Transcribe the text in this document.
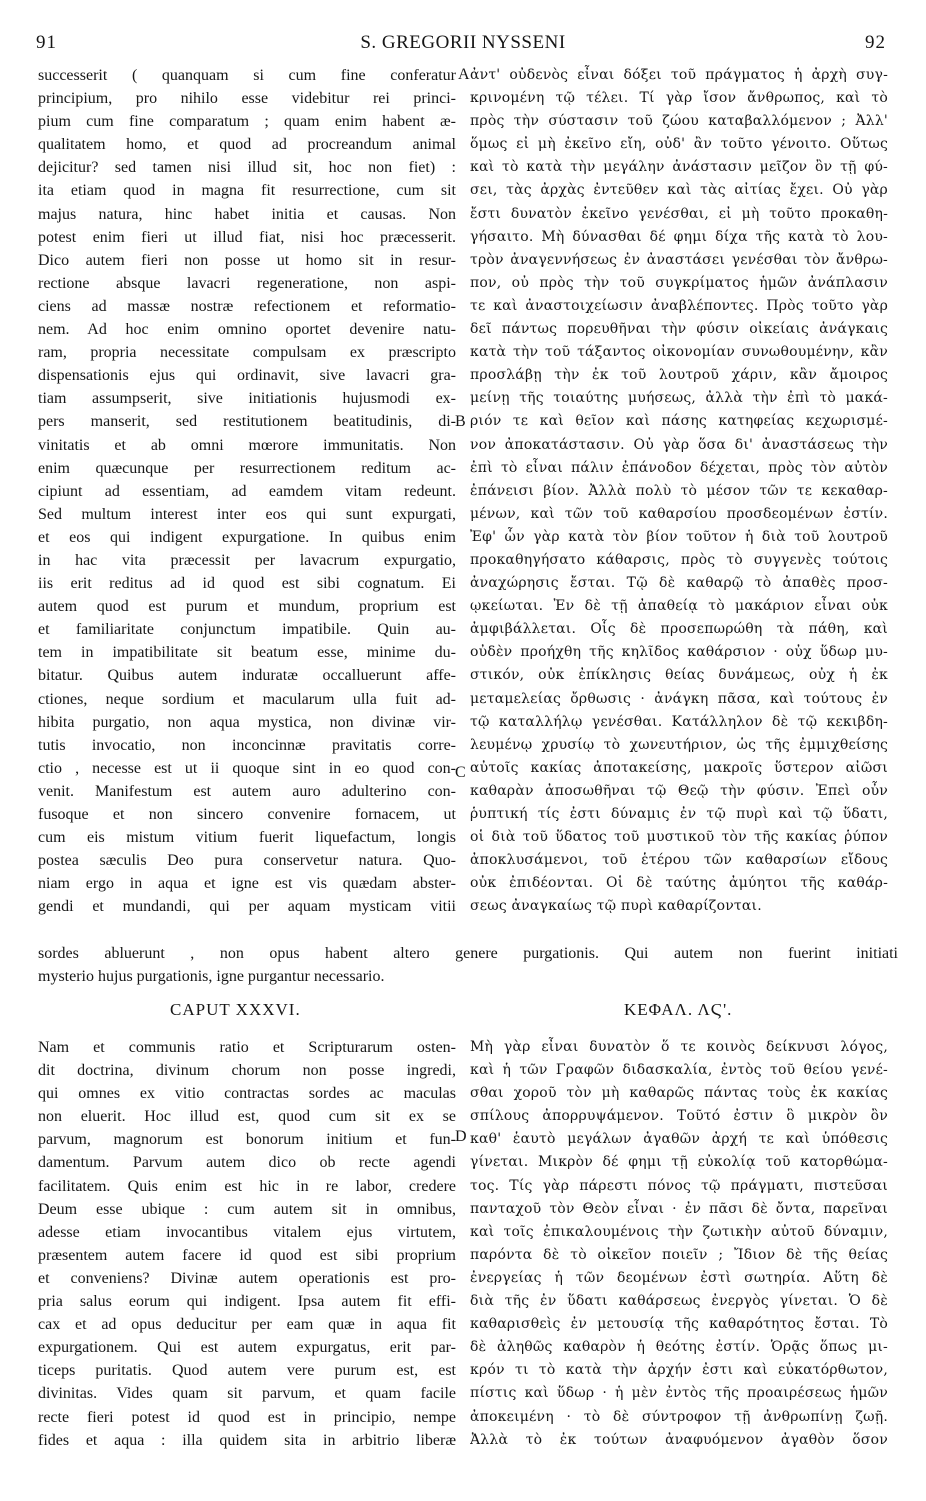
91	S. GREGORII NYSSENI	92
A
B
C
D
successerit ( quanquam si cum fine conferatur
principium, pro nihilo esse videbitur rei princi-
pium cum fine comparatum ; quam enim habent æ-
qualitatem homo, et quod ad procreandum animal
dejicitur? sed tamen nisi illud sit, hoc non fiet) :
ita etiam quod in magna fit resurrectione, cum sit
majus natura, hinc habet initia et causas. Non
potest enim fieri ut illud fiat, nisi hoc præcesserit.
Dico autem fieri non posse ut homo sit in resur-
rectione absque lavacri regeneratione, non aspi-
ciens ad massæ nostræ refectionem et reformatio-
nem. Ad hoc enim omnino oportet devenire natu-
ram, propria necessitate compulsam ex præscripto
dispensationis ejus qui ordinavit, sive lavacri gra-
tiam assumpserit, sive initiationis hujusmodi ex-
pers manserit, sed restitutionem beatitudinis, di-
vinitatis et ab omni mœrore immunitatis. Non
enim quæcunque per resurrectionem reditum ac-
cipiunt ad essentiam, ad eamdem vitam redeunt.
Sed multum interest inter eos qui sunt expurgati,
et eos qui indigent expurgatione. In quibus enim
in hac vita præcessit per lavacrum expurgatio,
iis erit reditus ad id quod est sibi cognatum. Ei
autem quod est purum et mundum, proprium est
et familiaritate conjunctum impatibile. Quin au-
tem in impatibilitate sit beatum esse, minime du-
bitatur. Quibus autem induratæ occalluerunt affe-
ctiones, neque sordium et macularum ulla fuit ad-
hibita purgatio, non aqua mystica, non divinæ vir-
tutis invocatio, non inconcinnæ pravitatis corre-
ctio , necesse est ut ii quoque sint in eo quod con-
venit. Manifestum est autem auro adulterino con-
fusoque et non sincero convenire fornacem, ut
cum eis mistum vitium fuerit liquefactum, longis
postea sæculis Deo pura conservetur natura. Quo-
niam ergo in aqua et igne est vis quædam abster-
gendi et mundandi, qui per aquam mysticam vitii
ἀντ' οὐδενὸς εἶναι δόξει τοῦ πράγματος ἡ ἀρχὴ συγ-
κρινομένη τῷ τέλει. Τί γὰρ ἴσον ἄνθρωπος, καὶ τὸ
πρὸς τὴν σύστασιν τοῦ ζώου καταβαλλόμενον ; Ἀλλ'
ὅμως εἰ μὴ ἐκεῖνο εἴη, οὐδ' ἂν τοῦτο γένοιτο. Οὕτως
καὶ τὸ κατὰ τὴν μεγάλην ἀνάστασιν μεῖζον ὂν τῇ φύ-
σει, τὰς ἀρχὰς ἐντεῦθεν καὶ τὰς αἰτίας ἔχει. Οὐ γὰρ
ἔστι δυνατὸν ἐκεῖνο γενέσθαι, εἰ μὴ τοῦτο προκαθη-
γήσαιτο. Μὴ δύνασθαι δέ φημι δίχα τῆς κατὰ τὸ λου-
τρὸν ἀναγεννήσεως ἐν ἀναστάσει γενέσθαι τὸν ἄνθρω-
πον, οὐ πρὸς τὴν τοῦ συγκρίματος ἡμῶν ἀνάπλασιν
τε καὶ ἀναστοιχείωσιν ἀναβλέποντες. Πρὸς τοῦτο γὰρ
δεῖ πάντως πορευθῆναι τὴν φύσιν οἰκείαις ἀνάγκαις
κατὰ τὴν τοῦ τάξαντος οἰκονομίαν συνωθουμένην, κἂν
προσλάβῃ τὴν ἐκ τοῦ λουτροῦ χάριν, κἂν ἄμοιρος
μείνῃ τῆς τοιαύτης μυήσεως, ἀλλὰ τὴν ἐπὶ τὸ μακά-
ριόν τε καὶ θεῖον καὶ πάσης κατηφείας κεχωρισμέ-
νον ἀποκατάστασιν. Οὐ γὰρ ὅσα δι' ἀναστάσεως τὴν
ἐπὶ τὸ εἶναι πάλιν ἐπάνοδον δέχεται, πρὸς τὸν αὐτὸν
ἐπάνεισι βίον. Ἀλλὰ πολὺ τὸ μέσον τῶν τε κεκαθαρ-
μένων, καὶ τῶν τοῦ καθαρσίου προσδεομένων ἐστίν.
Ἐφ' ὧν γὰρ κατὰ τὸν βίον τοῦτον ἡ διὰ τοῦ λουτροῦ
προκαθηγήσατο κάθαρσις, πρὸς τὸ συγγενὲς τούτοις
ἀναχώρησις ἔσται. Τῷ δὲ καθαρῷ τὸ ἀπαθὲς προσ-
ῳκείωται. Ἐν δὲ τῇ ἀπαθείᾳ τὸ μακάριον εἶναι οὐκ
ἀμφιβάλλεται. Οἷς δὲ προσεπωρώθη τὰ πάθη, καὶ
οὐδὲν προήχθη τῆς κηλῖδος καθάρσιον · οὐχ ὕδωρ μυ-
στικόν, οὐκ ἐπίκλησις θείας δυνάμεως, οὐχ ἡ ἐκ
μεταμελείας ὄρθωσις · ἀνάγκη πᾶσα, καὶ τούτους ἐν
τῷ καταλλήλῳ γενέσθαι. Κατάλληλον δὲ τῷ κεκιβδη-
λευμένῳ χρυσίῳ τὸ χωνευτήριον, ὡς τῆς ἐμμιχθείσης
αὐτοῖς κακίας ἀποτακείσης, μακροῖς ὕστερον αἰῶσι
καθαρὰν ἀποσωθῆναι τῷ Θεῷ τὴν φύσιν. Ἐπεὶ οὖν
ῥυπτική τίς ἐστι δύναμις ἐν τῷ πυρὶ καὶ τῷ ὕδατι,
οἱ διὰ τοῦ ὕδατος τοῦ μυστικοῦ τὸν τῆς κακίας ῥύπον
ἀποκλυσάμενοι, τοῦ ἑτέρου τῶν καθαρσίων εἴδους
οὐκ ἐπιδέονται. Οἱ δὲ ταύτης ἀμύητοι τῆς καθάρ-
σεως ἀναγκαίως τῷ πυρὶ καθαρίζονται.
sordes abluerunt , non opus habent altero genere purgationis. Qui autem non fuerint initiati
mysterio hujus purgationis, igne purgantur necessario.
CAPUT XXXVI.	ΚΕΦΑΛ. ΛϚ'.
Nam et communis ratio et Scripturarum osten-
dit doctrina, divinum chorum non posse ingredi,
qui omnes ex vitio contractas sordes ac maculas
non eluerit. Hoc illud est, quod cum sit ex se
parvum, magnorum est bonorum initium et fun-
damentum. Parvum autem dico ob recte agendi
facilitatem. Quis enim est hic in re labor, credere
Deum esse ubique : cum autem sit in omnibus,
adesse etiam invocantibus vitalem ejus virtutem,
præsentem autem facere id quod est sibi proprium
et conveniens? Divinæ autem operationis est pro-
pria salus eorum qui indigent. Ipsa autem fit effi-
cax et ad opus deducitur per eam quæ in aqua fit
expurgationem. Qui est autem expurgatus, erit par-
ticeps puritatis. Quod autem vere purum est, est
divinitas. Vides quam sit parvum, et quam facile
recte fieri potest id quod est in principio, nempe
fides et aqua : illa quidem sita in arbitrio liberæ
Μὴ γὰρ εἶναι δυνατὸν ὅ τε κοινὸς δείκνυσι λόγος,
καὶ ἡ τῶν Γραφῶν διδασκαλία, ἐντὸς τοῦ θείου γενέ-
σθαι χοροῦ τὸν μὴ καθαρῶς πάντας τοὺς ἐκ κακίας
σπίλους ἀπορρυψάμενον. Τοῦτό ἐστιν ὃ μικρὸν ὂν
καθ' ἑαυτὸ μεγάλων ἀγαθῶν ἀρχή τε καὶ ὑπόθεσις
γίνεται. Μικρὸν δέ φημι τῇ εὐκολίᾳ τοῦ κατορθώμα-
τος. Τίς γὰρ πάρεστι πόνος τῷ πράγματι, πιστεῦσαι
πανταχοῦ τὸν Θεὸν εἶναι · ἐν πᾶσι δὲ ὄντα, παρεῖναι
καὶ τοῖς ἐπικαλουμένοις τὴν ζωτικὴν αὐτοῦ δύναμιν,
παρόντα δὲ τὸ οἰκεῖον ποιεῖν ; Ἴδιον δὲ τῆς θείας
ἐνεργείας ἡ τῶν δεομένων ἐστὶ σωτηρία. Αὕτη δὲ
διὰ τῆς ἐν ὕδατι καθάρσεως ἐνεργὸς γίνεται. Ὁ δὲ
καθαρισθεὶς ἐν μετουσίᾳ τῆς καθαρότητος ἔσται. Τὸ
δὲ ἀληθῶς καθαρὸν ἡ θεότης ἐστίν. Ὁρᾷς ὅπως μι-
κρόν τι τὸ κατὰ τὴν ἀρχήν ἐστι καὶ εὐκατόρθωτον,
πίστις καὶ ὕδωρ · ἡ μὲν ἐντὸς τῆς προαιρέσεως ἡμῶν
ἀποκειμένη · τὸ δὲ σύντροφον τῇ ἀνθρωπίνῃ ζωῇ.
Ἀλλὰ τὸ ἐκ τούτων ἀναφυόμενον ἀγαθὸν ὅσον
